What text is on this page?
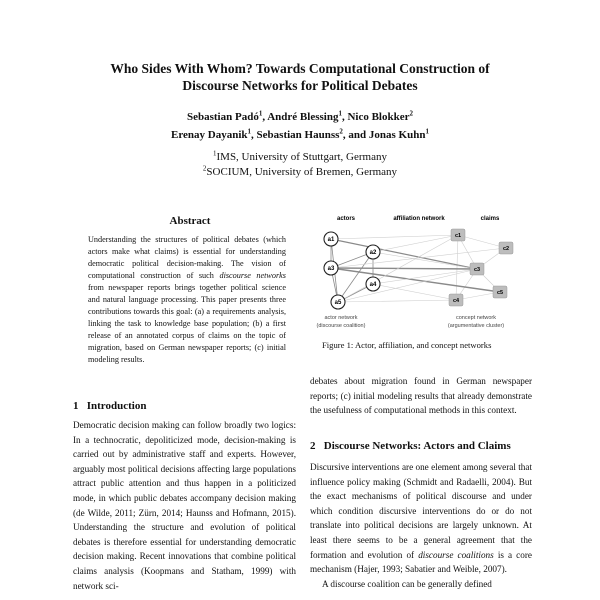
Who Sides With Whom? Towards Computational Construction of
Discourse Networks for Political Debates
Sebastian Padó$^1$, André Blessing$^1$, Nico Blokker$^2$
Erenay Dayanik$^1$, Sebastian Haunss$^2$, and Jonas Kuhn$^1$
$^1$IMS, University of Stuttgart, Germany
$^2$SOCIUM, University of Bremen, Germany
Abstract
Understanding the structures of political debates (which actors make what claims) is essential for understanding democratic political decision-making. The vision of computational construction of such discourse networks from newspaper reports brings together political science and natural language processing. This paper presents three contributions towards this goal: (a) a requirements analysis, linking the task to knowledge base population; (b) a first release of an annotated corpus of claims on the topic of migration, based on German newspaper reports; (c) initial modeling results.
1 Introduction
Democratic decision making can follow broadly two logics: In a technocratic, depoliticized mode, decision-making is carried out by administrative staff and experts. However, arguably most political decisions affecting large populations attract public attention and thus happen in a politicized mode, in which public debates accompany decision making (de Wilde, 2011; Zürn, 2014; Haunss and Hofmann, 2015). Understanding the structure and evolution of political debates is therefore essential for understanding democratic decision making. Recent innovations that combine political claims analysis (Koopmans and Statham, 1999) with network sci-
a1
a2
a3
a4
a5
c1
c2
c3
c4
c5
actors	affiliation network	claims
actor network
(discourse coalition)
concept network
(argumentative cluster)
Figure 1: Actor, affiliation, and concept networks
debates about migration found in German newspaper reports; (c) initial modeling results that already demonstrate the usefulness of computational methods in this context.
2 Discourse Networks: Actors and Claims
Discursive interventions are one element among several that influence policy making (Schmidt and Radaelli, 2004). But the exact mechanisms of political discourse and under which condition discursive interventions do or do not translate into political decisions are largely unknown. At least there seems to be a general agreement that the formation and evolution of discourse coalitions is a core mechanism (Hajer, 1993; Sabatier and Weible, 2007).
A discourse coalition can be generally defined
